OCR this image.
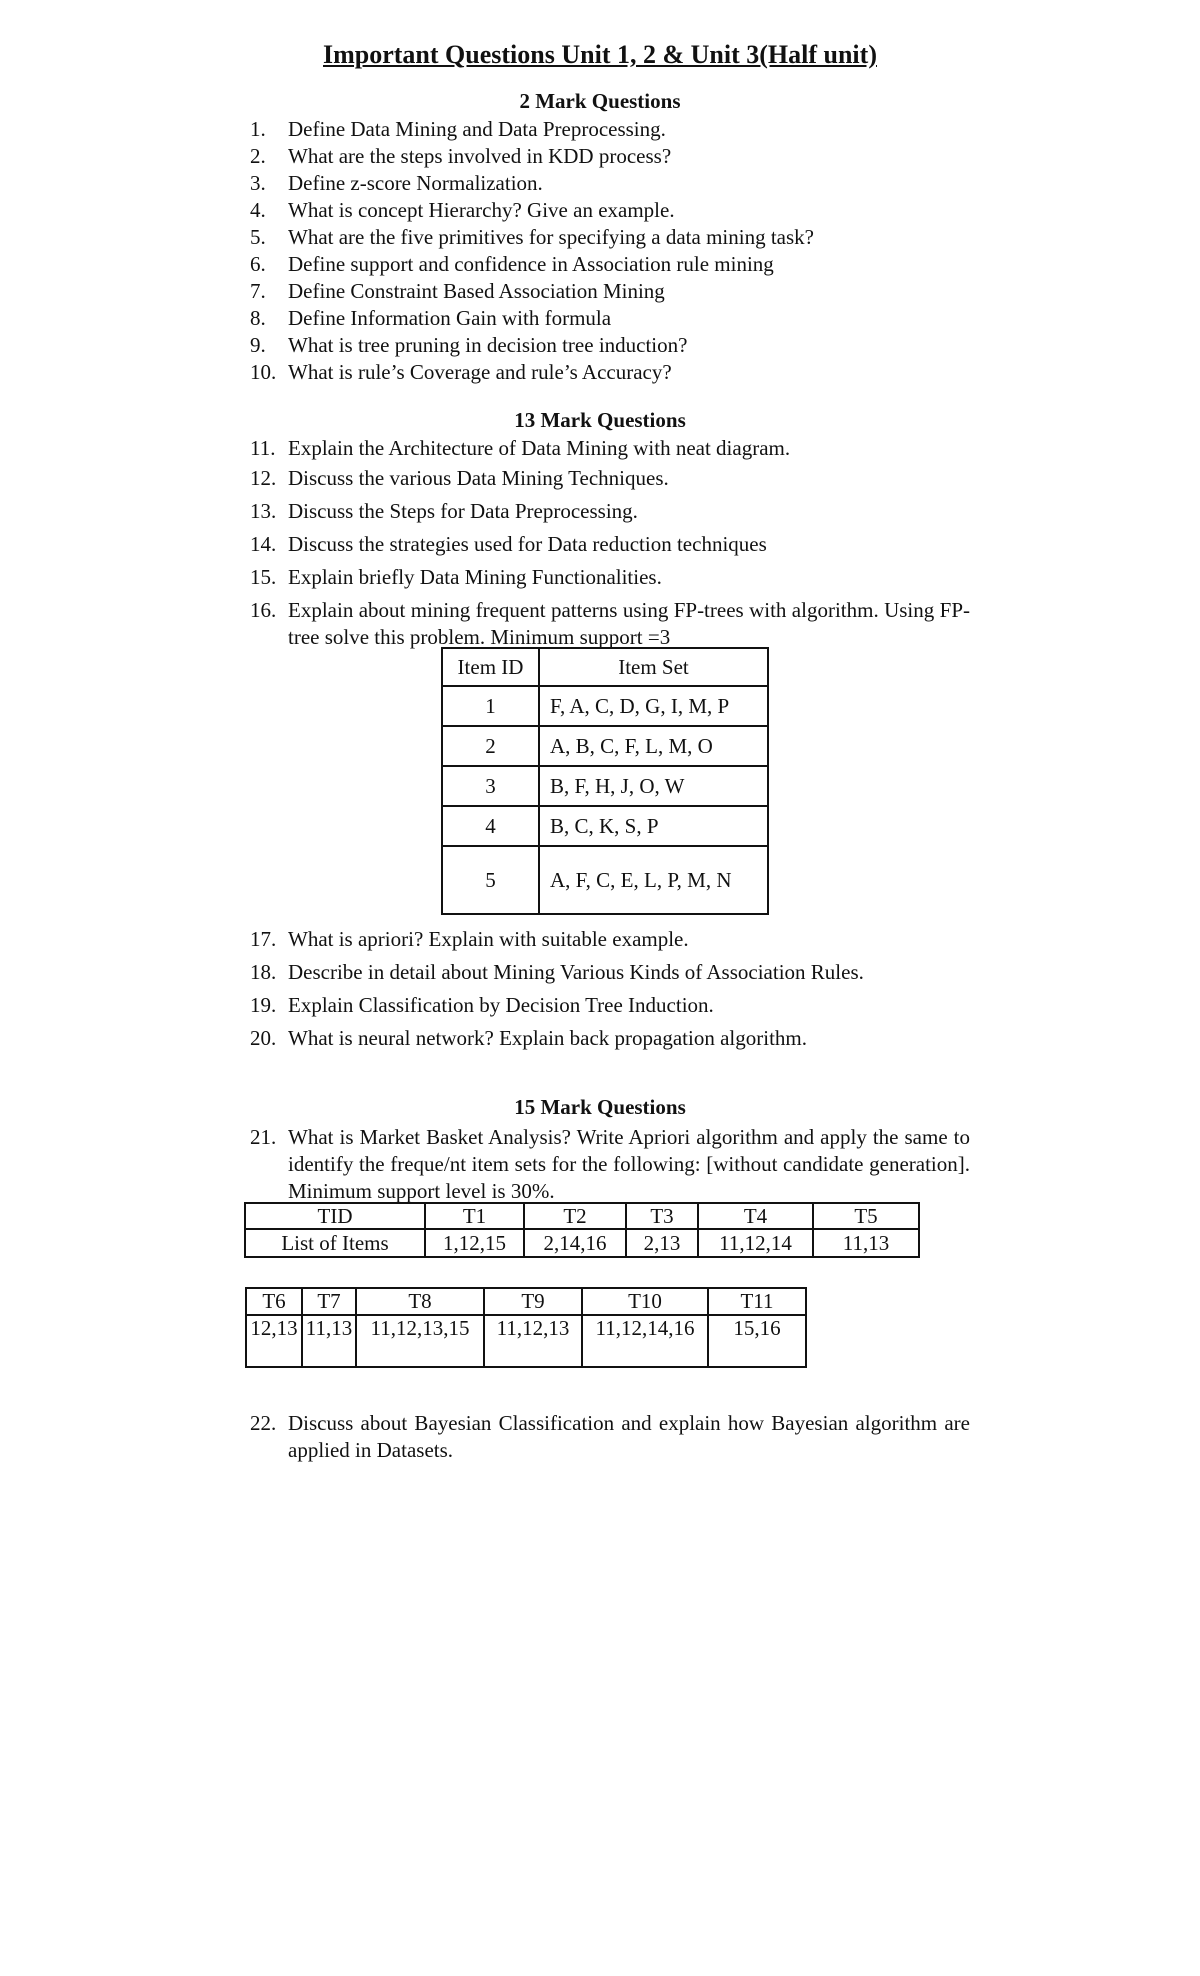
Important Questions Unit 1, 2 & Unit 3(Half unit)
2 Mark Questions
1.	Define Data Mining and Data Preprocessing.
2.	What are the steps involved in KDD process?
3.	Define z-score Normalization.
4.	What is concept Hierarchy? Give an example.
5.	What are the five primitives for specifying a data mining task?
6.	Define support and confidence in Association rule mining
7.	Define Constraint Based Association Mining
8.	Define Information Gain with formula
9.	What is tree pruning in decision tree induction?
10. What is rule’s Coverage and rule’s Accuracy?
13 Mark Questions
11. Explain the Architecture of Data Mining with neat diagram.
12. Discuss the various Data Mining Techniques.
13. Discuss the Steps for Data Preprocessing.
14. Discuss the strategies used for Data reduction techniques
15. Explain briefly Data Mining Functionalities.
16. Explain about mining frequent patterns using FP-trees with algorithm. Using FP-tree solve this problem. Minimum support =3
Item ID	Item Set
1	F, A, C, D, G, I, M, P
2	A, B, C, F, L, M, O
3	B, F, H, J, O, W
4	B, C, K, S, P
5	A, F, C, E, L, P, M, N
17. What is apriori? Explain with suitable example.
18. Describe in detail about Mining Various Kinds of Association Rules.
19. Explain Classification by Decision Tree Induction.
20. What is neural network? Explain back propagation algorithm.
15 Mark Questions
21. What is Market Basket Analysis? Write Apriori algorithm and apply the same to identify the freque/nt item sets for the following: [without candidate generation]. Minimum support level is 30%.
TID	T1	T2	T3	T4	T5
List of Items	1,12,15	2,14,16	2,13	11,12,14	11,13
T6	T7	T8	T9	T10	T11
12,13	11,13	11,12,13,15	11,12,13	11,12,14,16	15,16
22. Discuss about Bayesian Classification and explain how Bayesian algorithm are applied in Datasets.
